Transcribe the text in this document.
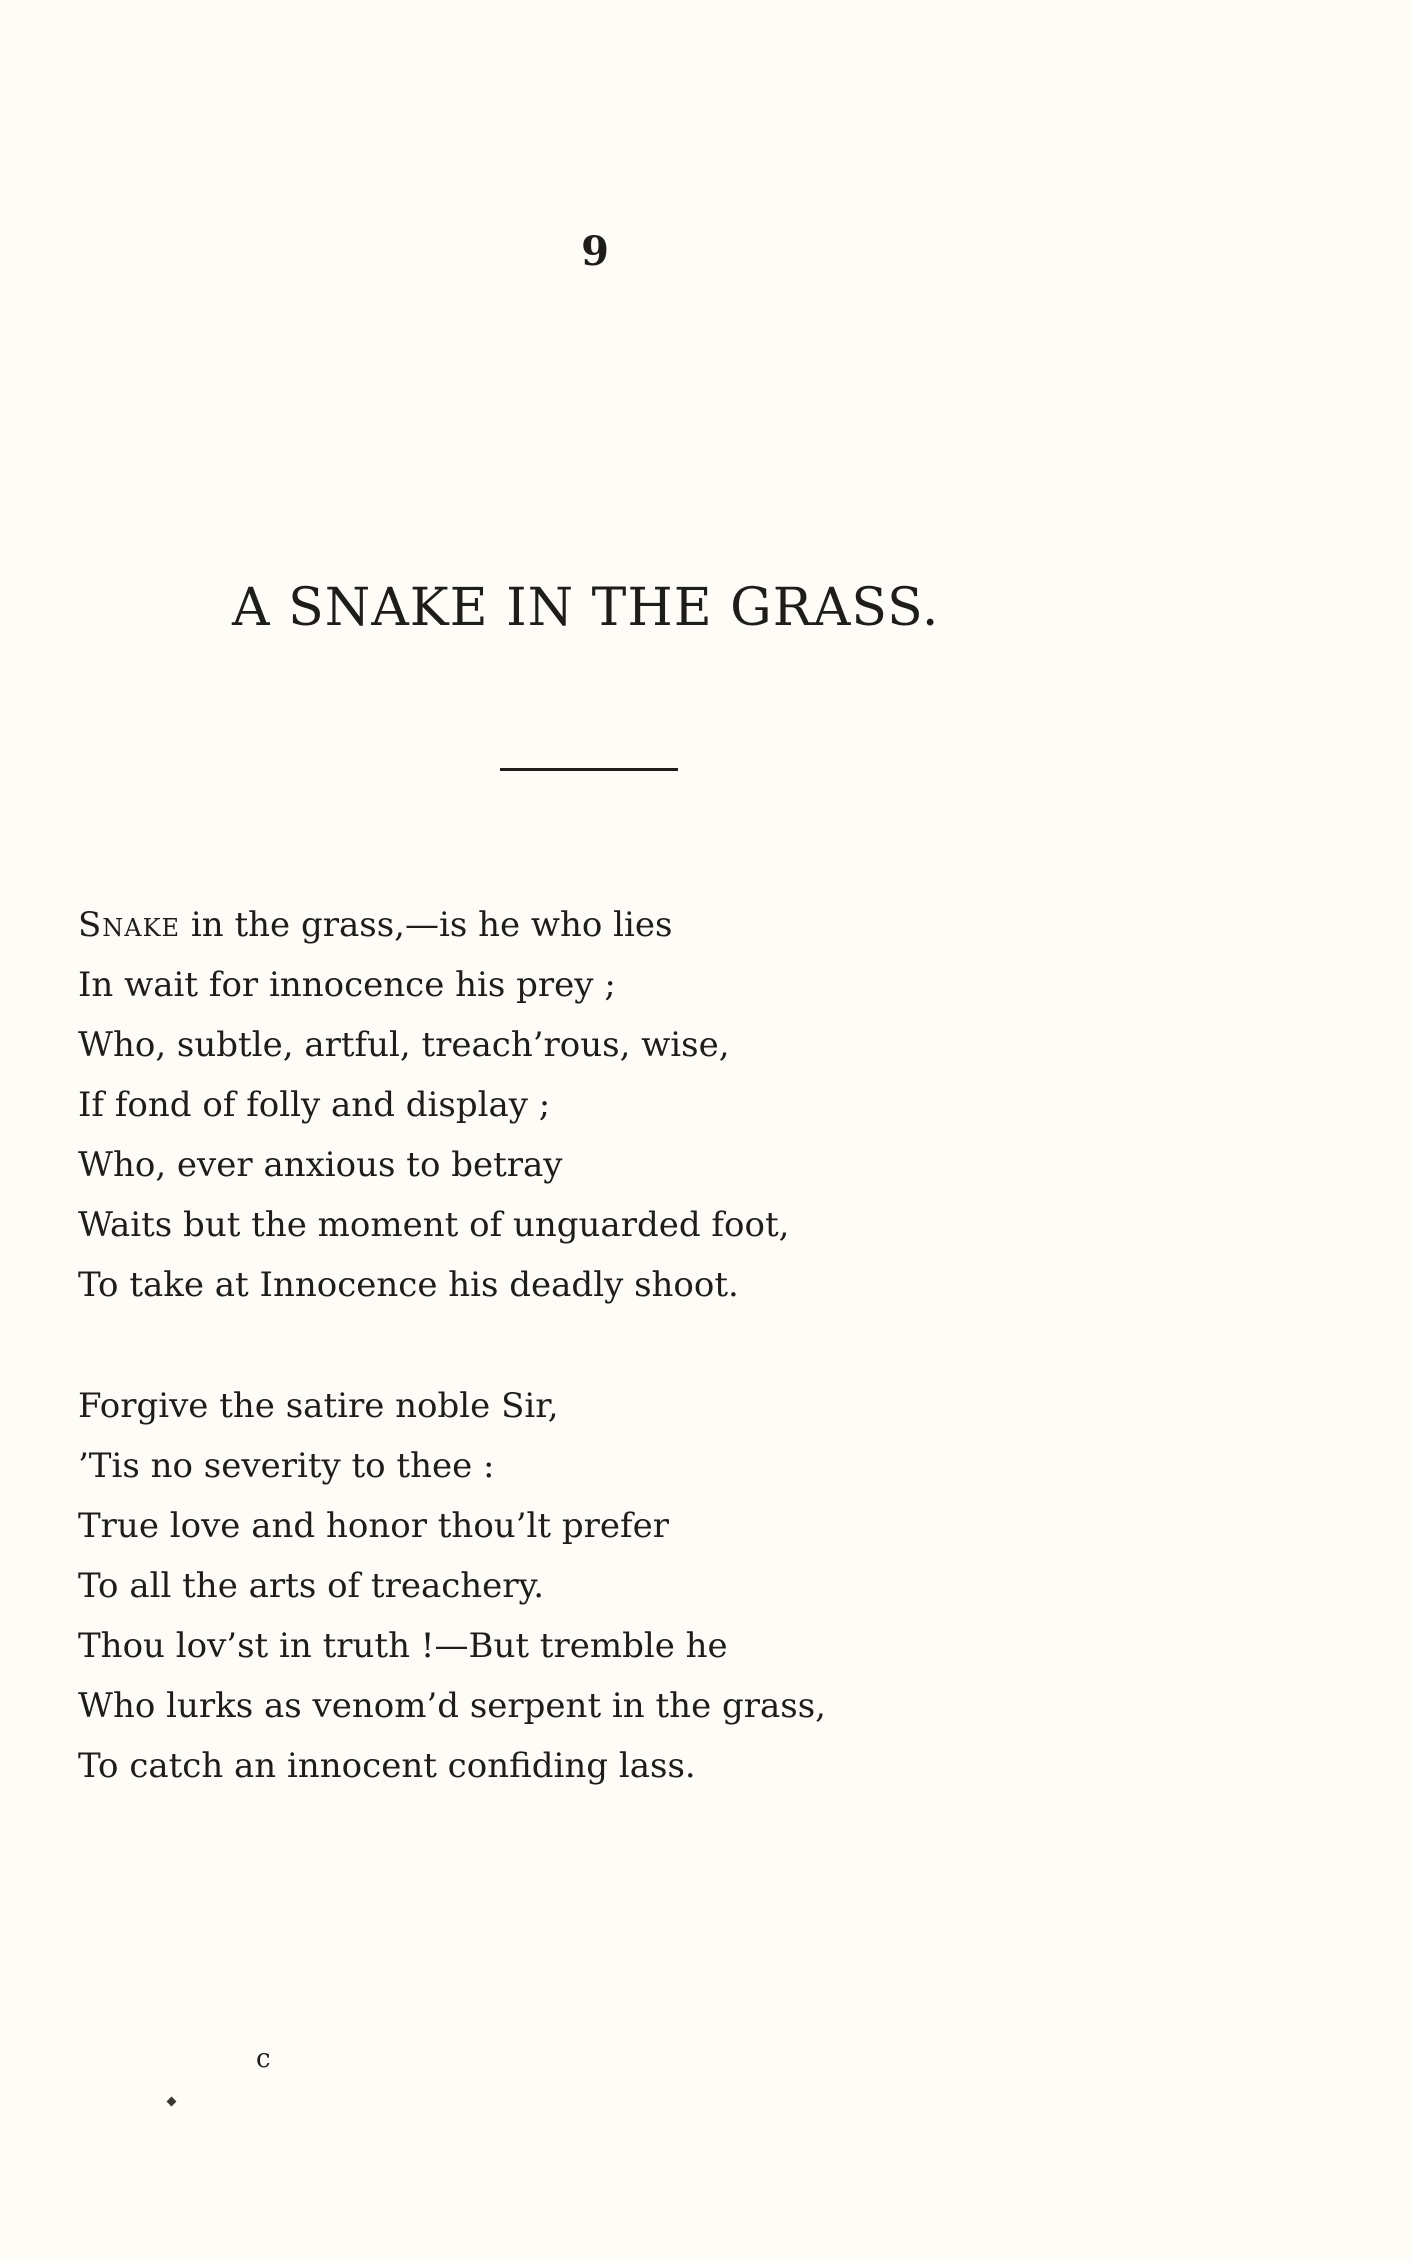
9
A SNAKE IN THE GRASS.
Snake in the grass,—is he who lies
In wait for innocence his prey ;
Who, subtle, artful, treach’rous, wise,
If fond of folly and display ;
Who, ever anxious to betray
Waits but the moment of unguarded foot,
To take at Innocence his deadly shoot.
Forgive the satire noble Sir,
’Tis no severity to thee :
True love and honor thou’lt prefer
To all the arts of treachery.
Thou lov’st in truth !—But tremble he
Who lurks as venom’d serpent in the grass,
To catch an innocent confiding lass.
c
